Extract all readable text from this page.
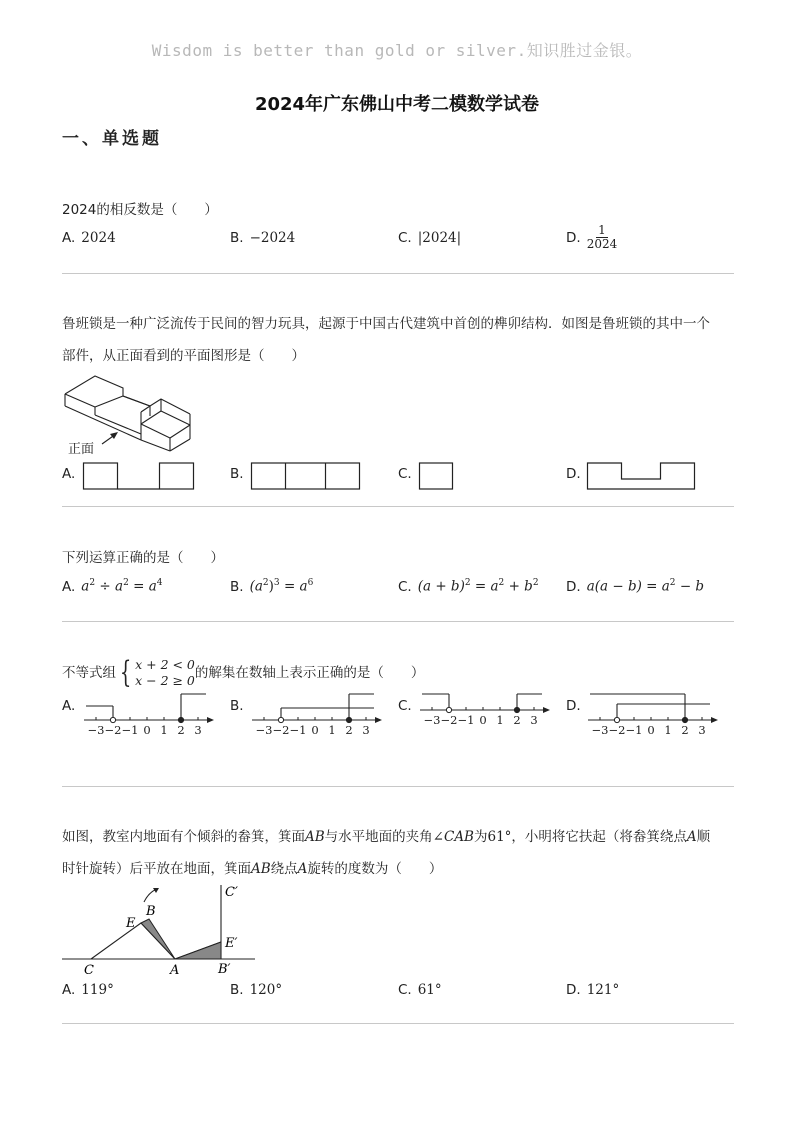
Wisdom is better than gold or silver.知识胜过金银。
2024年广东佛山中考二模数学试卷
一、单选题
2024的相反数是（　　）
A. 2024	B. −2024	C. |2024|	D. $\frac{1}{2024}$
鲁班锁是一种广泛流传于民间的智力玩具，起源于中国古代建筑中首创的榫卯结构．如图是鲁班锁的其中一个
部件，从正面看到的平面图形是（　　）
正面
A.	B.	C.	D.
下列运算正确的是（　　）
A. $a^2 \div a^2 = a^4$	B. $(a^2)^3 = a^6$	C. $(a + b)^2 = a^2 + b^2$ D. $a(a - b) = a^2 - b$
不等式组 { x + 2 < 0
x − 2 ≥ 0 的解集在数轴上表示正确的是（　　）
A.	B.	C.	D.
−3 −2 −1 0 1 2 3	−3 −2 −1 0 1 2 3
−3 −2 −1 0 1 2 3
−3 −2 −1 0 1 2 3
如图，教室内地面有个倾斜的畚箕，箕面AB与水平地面的夹角∠CAB为61°，小明将它扶起（将畚箕绕点A顺
时针旋转）后平放在地面，箕面AB绕点A旋转的度数为（　　）
C	A
B
E
C′
E′
B′
A. 119°	B. 120°	C. 61°	D. 121°
